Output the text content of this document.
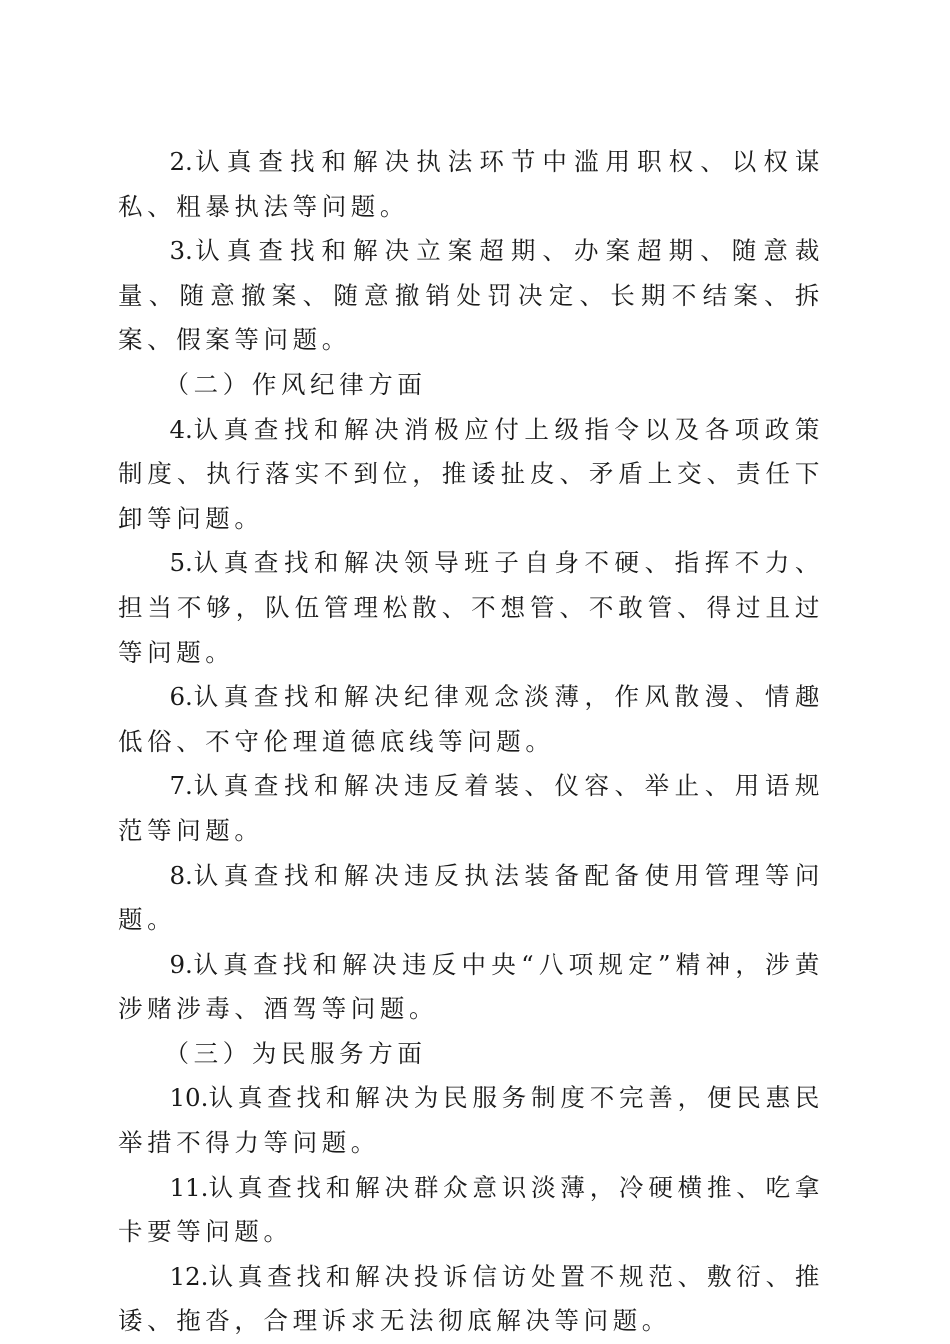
2.认真查找和解决执法环节中滥用职权、以权谋私、粗暴执法等问题。

3.认真查找和解决立案超期、办案超期、随意裁量、随意撤案、随意撤销处罚决定、长期不结案、拆案、假案等问题。

（二）作风纪律方面

4.认真查找和解决消极应付上级指令以及各项政策制度、执行落实不到位，推诿扯皮、矛盾上交、责任下卸等问题。

5.认真查找和解决领导班子自身不硬、指挥不力、担当不够，队伍管理松散、不想管、不敢管、得过且过等问题。

6.认真查找和解决纪律观念淡薄，作风散漫、情趣低俗、不守伦理道德底线等问题。

7.认真查找和解决违反着装、仪容、举止、用语规范等问题。

8.认真查找和解决违反执法装备配备使用管理等问题。

9.认真查找和解决违反中央“八项规定”精神，涉黄涉赌涉毒、酒驾等问题。

（三）为民服务方面

10.认真查找和解决为民服务制度不完善，便民惠民举措不得力等问题。

11.认真查找和解决群众意识淡薄，冷硬横推、吃拿卡要等问题。

12.认真查找和解决投诉信访处置不规范、敷衍、推诿、拖沓，合理诉求无法彻底解决等问题。
